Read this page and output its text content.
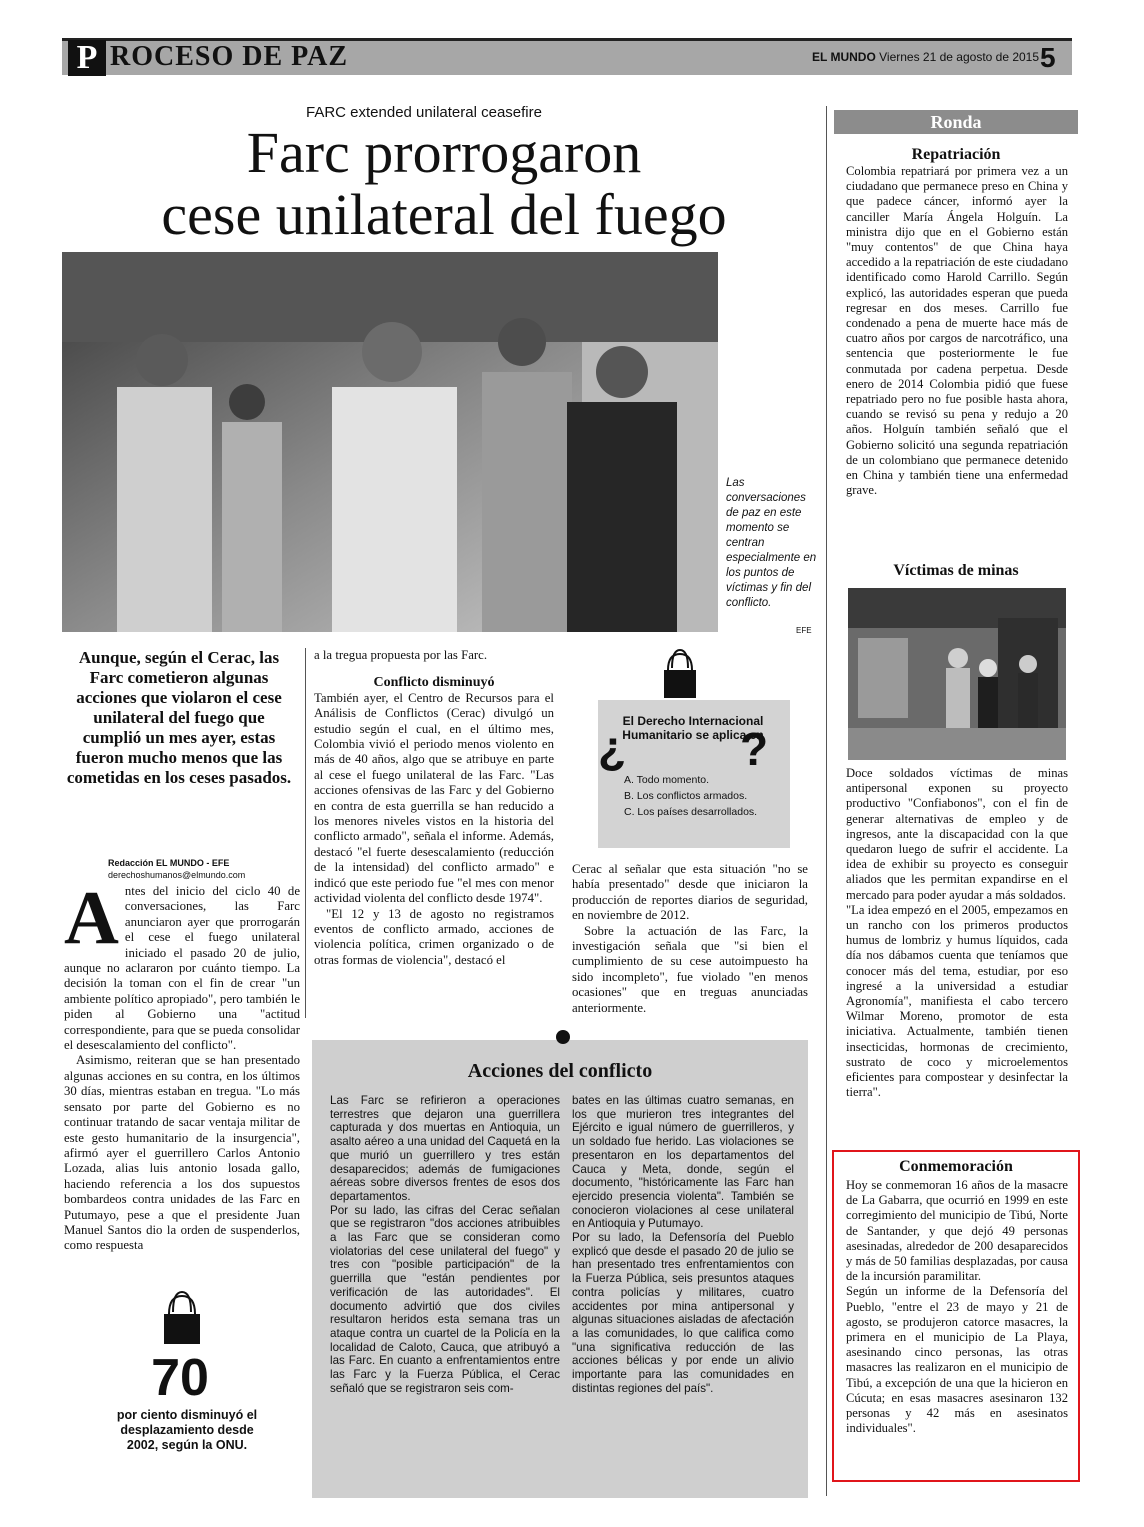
P ROCESO DE PAZ	EL MUNDO Viernes 21 de agosto de 2015 5
FARC extended unilateral ceasefire
Farc prorrogaron
cese unilateral del fuego
Las conversaciones de paz en este momento se centran especialmente en los puntos de víctimas y fin del conflicto.
EFE
Aunque, según el Cerac, las Farc cometieron algunas acciones que violaron el cese unilateral del fuego que cumplió un mes ayer, estas fueron mucho menos que las cometidas en los ceses pasados.
Redacción EL MUNDO - EFE
derechoshumanos@elmundo.com
Antes del inicio del ciclo 40 de conversaciones, las Farc anunciaron ayer que prorrogarán el cese el fuego unilateral iniciado el pasado 20 de julio, aunque no aclararon por cuánto tiempo. La decisión la toman con el fin de crear "un ambiente político apropiado", pero también le piden al Gobierno una "actitud correspondiente, para que se pueda consolidar el desescalamiento del conflicto".
Asimismo, reiteran que se han presentado algunas acciones en su contra, en los últimos 30 días, mientras estaban en tregua. "Lo más sensato por parte del Gobierno es no continuar tratando de sacar ventaja militar de este gesto humanitario de la insurgencia", afirmó ayer el guerrillero Carlos Antonio Lozada, alias luis antonio losada gallo, haciendo referencia a los dos supuestos bombardeos contra unidades de las Farc en Putumayo, pese a que el presidente Juan Manuel Santos dio la orden de suspenderlos, como respuesta
a la tregua propuesta por las Farc.
Conflicto disminuyó
También ayer, el Centro de Recursos para el Análisis de Conflictos (Cerac) divulgó un estudio según el cual, en el último mes, Colombia vivió el periodo menos violento en más de 40 años, algo que se atribuye en parte al cese el fuego unilateral de las Farc. "Las acciones ofensivas de las Farc y del Gobierno en contra de esta guerrilla se han reducido a los menores niveles vistos en la historia del conflicto armado", señala el informe. Además, destacó "el fuerte desescalamiento (reducción de la intensidad) del conflicto armado" e indicó que este periodo fue "el mes con menor actividad violenta del conflicto desde 1974".
"El 12 y 13 de agosto no registramos eventos de conflicto armado, acciones de violencia política, crimen organizado o de otras formas de violencia", destacó el
¿ ?
El Derecho Internacional Humanitario se aplica en
A. Todo momento.
B. Los conflictos armados.
C. Los países desarrollados.
Cerac al señalar que esta situación "no se había presentado" desde que iniciaron la producción de reportes diarios de seguridad, en noviembre de 2012.
Sobre la actuación de las Farc, la investigación señala que "si bien el cumplimiento de su cese autoimpuesto ha sido incompleto", fue violado "en menos ocasiones" que en treguas anunciadas anteriormente.
Acciones del conflicto
Las Farc se refirieron a operaciones terrestres que dejaron una guerrillera capturada y dos muertas en Antioquia, un asalto aéreo a una unidad del Caquetá en la que murió un guerrillero y tres están desaparecidos; además de fumigaciones aéreas sobre diversos frentes de esos dos departamentos.
Por su lado, las cifras del Cerac señalan que se registraron "dos acciones atribuibles a las Farc que se consideran como violatorias del cese unilateral del fuego" y tres con "posible participación" de la guerrilla que "están pendientes por verificación de las autoridades". El documento advirtió que dos civiles resultaron heridos esta semana tras un ataque contra un cuartel de la Policía en la localidad de Caloto, Cauca, que atribuyó a las Farc. En cuanto a enfrentamientos entre las Farc y la Fuerza Pública, el Cerac señaló que se registraron seis com-
bates en las últimas cuatro semanas, en los que murieron tres integrantes del Ejército e igual número de guerrilleros, y un soldado fue herido. Las violaciones se presentaron en los departamentos del Cauca y Meta, donde, según el documento, "históricamente las Farc han ejercido presencia violenta". También se conocieron violaciones al cese unilateral en Antioquia y Putumayo.
Por su lado, la Defensoría del Pueblo explicó que desde el pasado 20 de julio se han presentado tres enfrentamientos con la Fuerza Pública, seis presuntos ataques contra policías y militares, cuatro accidentes por mina antipersonal y algunas situaciones aisladas de afectación a las comunidades, lo que califica como "una significativa reducción de las acciones bélicas y por ende un alivio importante para las comunidades en distintas regiones del país".
70
por ciento disminuyó el desplazamiento desde 2002, según la ONU.
Ronda
Repatriación
Colombia repatriará por primera vez a un ciudadano que permanece preso en China y que padece cáncer, informó ayer la canciller María Ángela Holguín. La ministra dijo que en el Gobierno están "muy contentos" de que China haya accedido a la repatriación de este ciudadano identificado como Harold Carrillo. Según explicó, las autoridades esperan que pueda regresar en dos meses. Carrillo fue condenado a pena de muerte hace más de cuatro años por cargos de narcotráfico, una sentencia que posteriormente le fue conmutada por cadena perpetua. Desde enero de 2014 Colombia pidió que fuese repatriado pero no fue posible hasta ahora, cuando se revisó su pena y redujo a 20 años. Holguín también señaló que el Gobierno solicitó una segunda repatriación de un colombiano que permanece detenido en China y también tiene una enfermedad grave.
Víctimas de minas
Doce soldados víctimas de minas antipersonal exponen su proyecto productivo "Confiabonos", con el fin de generar alternativas de empleo y de ingresos, ante la discapacidad con la que quedaron luego de sufrir el accidente. La idea de exhibir su proyecto es conseguir aliados que les permitan expandirse en el mercado para poder ayudar a más soldados.
"La idea empezó en el 2005, empezamos en un rancho con los primeros productos humus de lombriz y humus líquidos, cada día nos dábamos cuenta que teníamos que conocer más del tema, estudiar, por eso ingresé a la universidad a estudiar Agronomía", manifiesta el cabo tercero Wilmar Moreno, promotor de esta iniciativa. Actualmente, también tienen insecticidas, hormonas de crecimiento, sustrato de coco y microelementos eficientes para compostear y desinfectar la tierra".
Conmemoración
Hoy se conmemoran 16 años de la masacre de La Gabarra, que ocurrió en 1999 en este corregimiento del municipio de Tibú, Norte de Santander, y que dejó 49 personas asesinadas, alrededor de 200 desaparecidos y más de 50 familias desplazadas, por causa de la incursión paramilitar.
Según un informe de la Defensoría del Pueblo, "entre el 23 de mayo y 21 de agosto, se produjeron catorce masacres, la primera en el municipio de La Playa, asesinando cinco personas, las otras masacres las realizaron en el municipio de Tibú, a excepción de una que la hicieron en Cúcuta; en esas masacres asesinaron 132 personas y 42 más en asesinatos individuales".
